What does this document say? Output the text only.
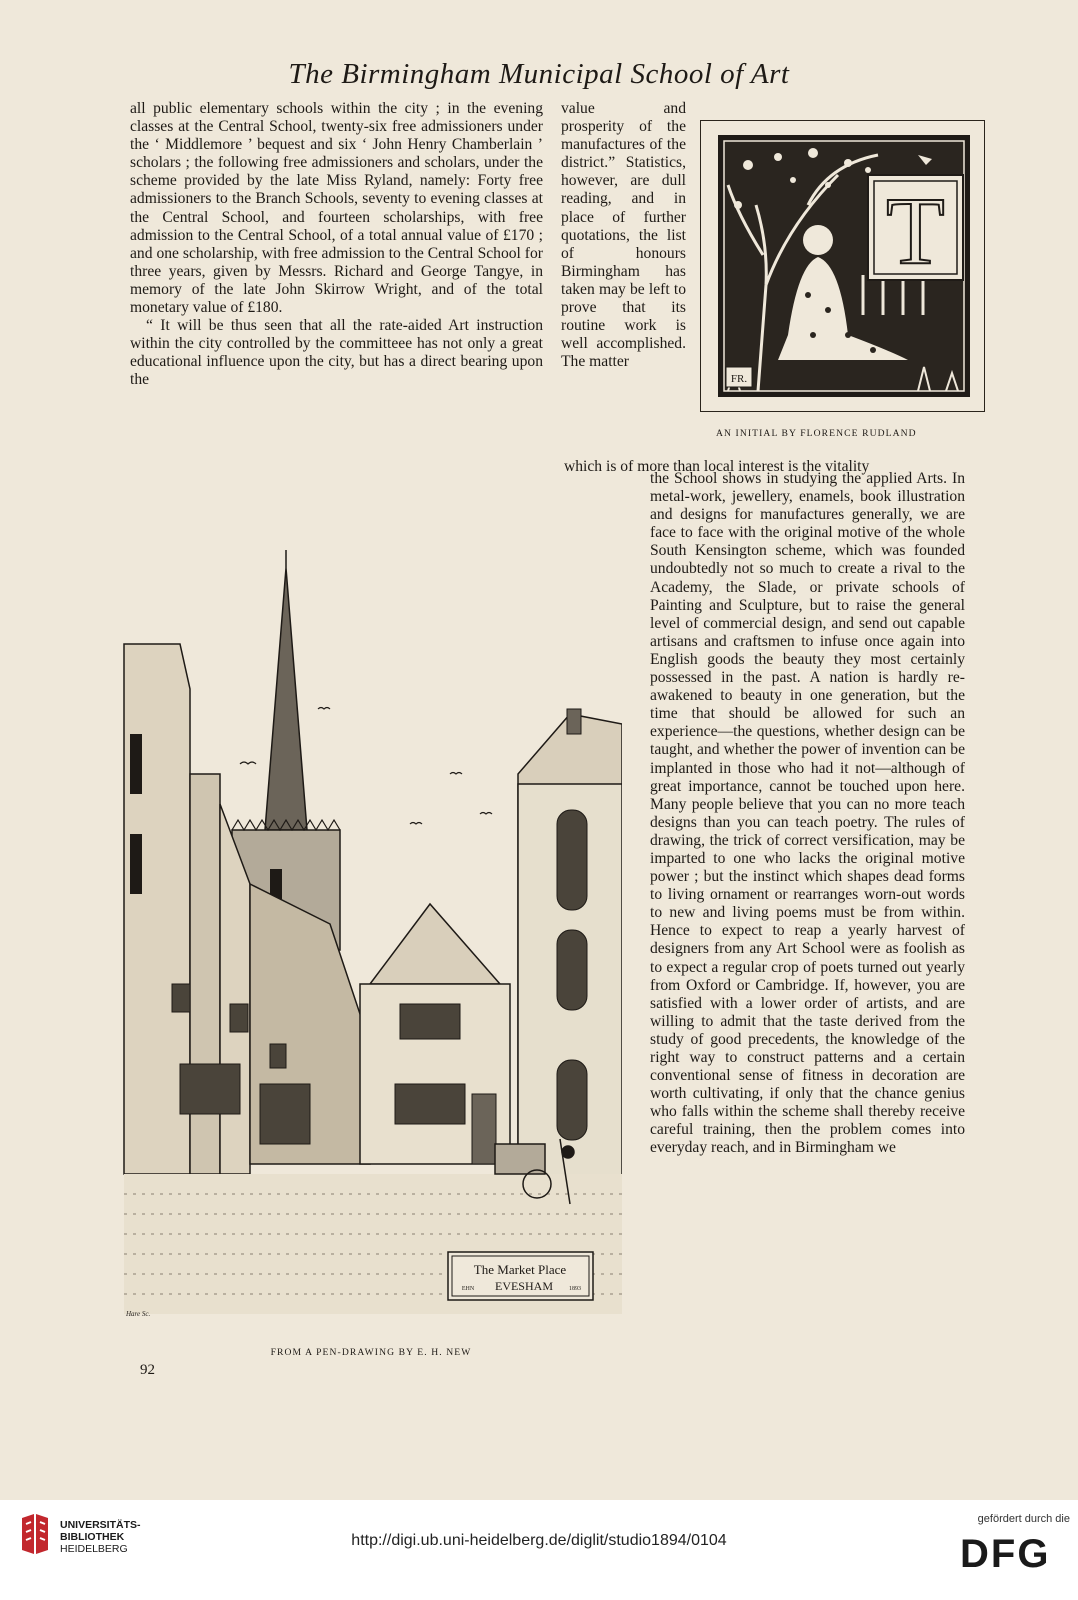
The Birmingham Municipal School of Art

all public elementary schools within the city ; in the evening classes at the Central School, twenty-six free admissioners under the ‘ Middlemore ’ bequest and six ‘ John Henry Chamberlain ’ scholars ; the following free admissioners and scholars, under the scheme provided by the late Miss Ryland, namely: Forty free admissioners to the Branch Schools, seventy to evening classes at the Central School, and fourteen scholarships, with free admission to the Central School, of a total annual value of £170 ; and one scholarship, with free admission to the Central School for three years, given by Messrs. Richard and George Tangye, in memory of the late John Skirrow Wright, and of the total monetary value of £180.

“ It will be thus seen that all the rate-aided Art instruction within the city controlled by the committeee has not only a great educational influence upon the city, but has a direct bearing upon the

value and prosperity of the manufactures of the district.” Statistics, however, are dull reading, and in place of further quotations, the list of honours Birmingham has taken may be left to prove that its routine work is well accomplished. The matter

which is of more than local interest is the vitality

the School shows in studying the applied Arts. In metal-work, jewellery, enamels, book illustration and designs for manufactures generally, we are face to face with the original motive of the whole South Kensington scheme, which was founded undoubtedly not so much to create a rival to the Academy, the Slade, or private schools of Painting and Sculpture, but to raise the general level of commercial design, and send out capable artisans and craftsmen to infuse once again into English goods the beauty they most certainly possessed in the past. A nation is hardly re-awakened to beauty in one generation, but the time that should be allowed for such an experience—the questions, whether design can be taught, and whether the power of invention can be implanted in those who had it not—although of great importance, cannot be touched upon here. Many people believe that you can no more teach designs than you can teach poetry. The rules of drawing, the trick of correct versification, may be imparted to one who lacks the original motive power ; but the instinct which shapes dead forms to living ornament or rearranges worn-out words to new and living poems must be from within. Hence to expect to reap a yearly harvest of designers from any Art School were as foolish as to expect a regular crop of poets turned out yearly from Oxford or Cambridge. If, however, you are satisfied with a lower order of artists, and are willing to admit that the taste derived from the study of good precedents, the knowledge of the right way to construct patterns and a certain conventional sense of fitness in decoration are worth cultivating, if only that the chance genius who falls within the scheme shall thereby receive careful training, then the problem comes into everyday reach, and in Birmingham we

T
FR.
AN INITIAL BY FLORENCE RUDLAND
The Market Place
EHN EVESHAM	1893
Hare Sc.
FROM A PEN-DRAWING BY E. H. NEW
92
UNIVERSITÄTS-
BIBLIOTHEK
HEIDELBERG	http://digi.ub.uni-heidelberg.de/diglit/studio1894/0104
gefördert durch die
DFG
